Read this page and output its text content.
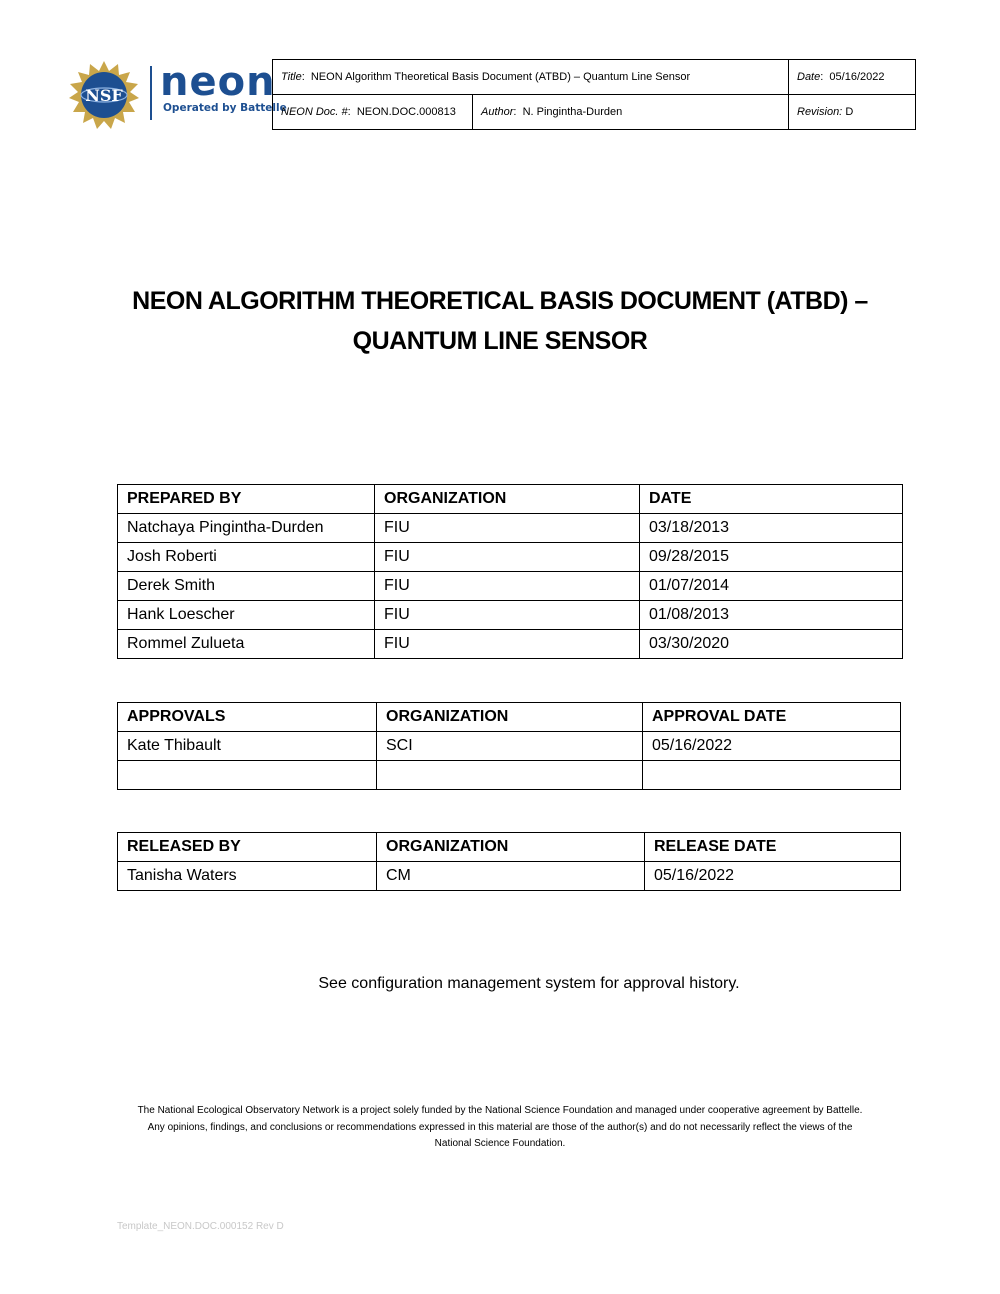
NSF neon
Operated by Battelle
Title:  NEON Algorithm Theoretical Basis Document (ATBD) – Quantum Line Sensor		Date:  05/16/2022
NEON Doc. #:  NEON.DOC.000813	Author:  N. Pingintha-Durden	Revision: D
NEON ALGORITHM THEORETICAL BASIS DOCUMENT (ATBD) –
QUANTUM LINE SENSOR
PREPARED BY	ORGANIZATION	DATE
Natchaya Pingintha-Durden	FIU	03/18/2013
Josh Roberti	FIU	09/28/2015
Derek Smith	FIU	01/07/2014
Hank Loescher	FIU	01/08/2013
Rommel Zulueta	FIU	03/30/2020
APPROVALS	ORGANIZATION	APPROVAL DATE
Kate Thibault	SCI	05/16/2022

RELEASED BY	ORGANIZATION	RELEASE DATE
Tanisha Waters	CM	05/16/2022
See configuration management system for approval history.
The National Ecological Observatory Network is a project solely funded by the National Science Foundation and managed under cooperative agreement by Battelle.
Any opinions, findings, and conclusions or recommendations expressed in this material are those of the author(s) and do not necessarily reflect the views of the
National Science Foundation.
Template_NEON.DOC.000152 Rev D
